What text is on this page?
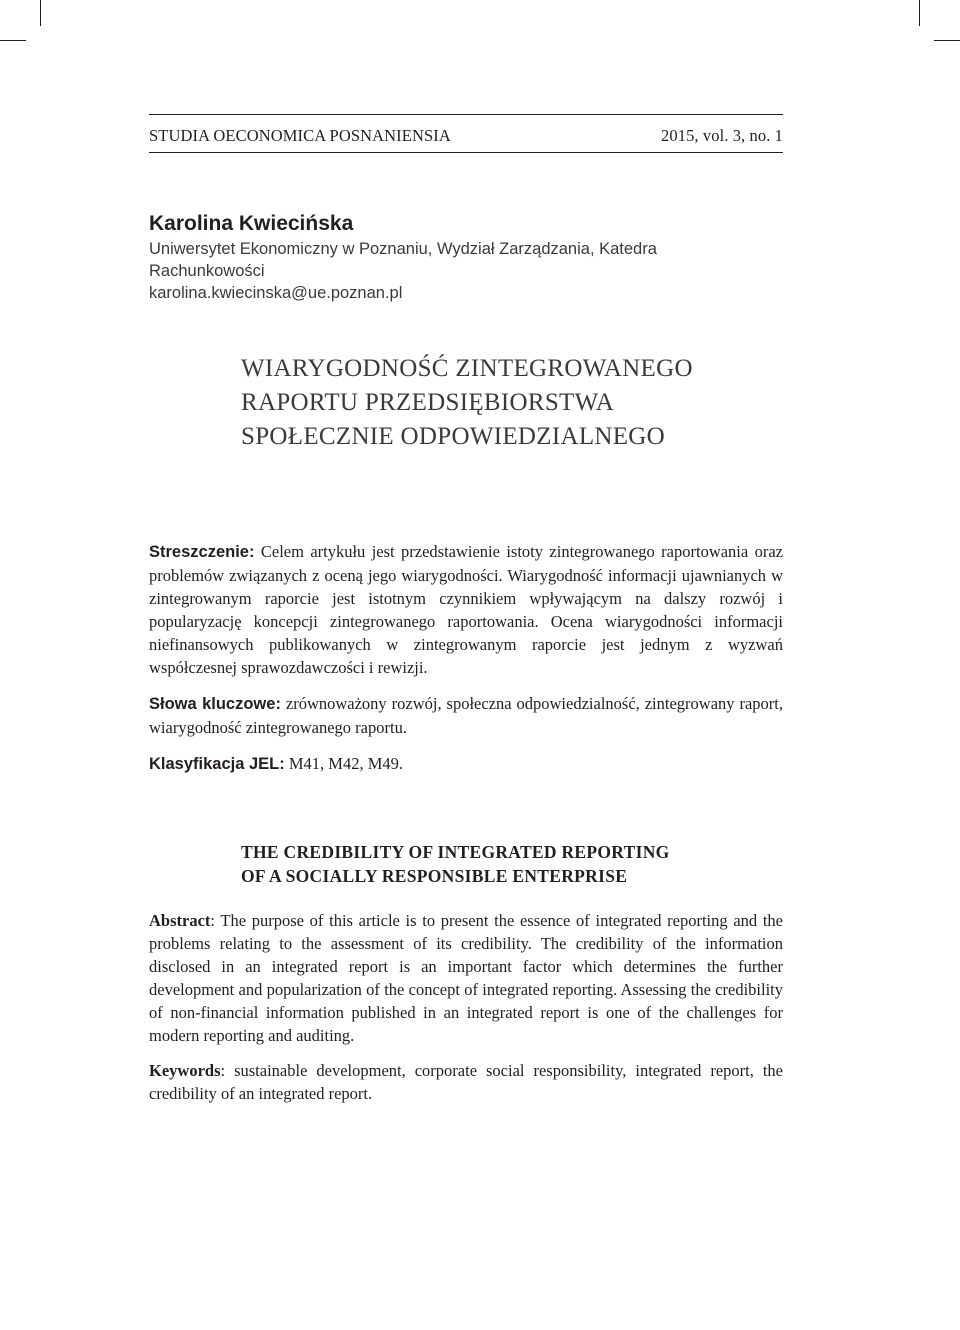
STUDIA OECONOMICA POSNANIENSIA	2015, vol. 3, no. 1
Karolina Kwiecińska
Uniwersytet Ekonomiczny w Poznaniu, Wydział Zarządzania, Katedra Rachunkowości
karolina.kwiecinska@ue.poznan.pl
WIARYGODNOŚĆ ZINTEGROWANEGO
RAPORTU PRZEDSIĘBIORSTWA
SPOŁECZNIE ODPOWIEDZIALNEGO

Streszczenie: Celem artykułu jest przedstawienie istoty zintegrowanego raportowania oraz problemów związanych z oceną jego wiarygodności. Wiarygodność informacji ujawnianych w zintegrowanym raporcie jest istotnym czynnikiem wpływającym na dalszy rozwój i popularyzację koncepcji zintegrowanego raportowania. Ocena wiarygodności informacji niefinansowych publikowanych w zintegrowanym raporcie jest jednym z wyzwań współczesnej sprawozdawczości i rewizji.

Słowa kluczowe: zrównoważony rozwój, społeczna odpowiedzialność, zintegrowany raport, wiarygodność zintegrowanego raportu.

Klasyfikacja JEL: M41, M42, M49.

THE CREDIBILITY OF INTEGRATED REPORTING
OF A SOCIALLY RESPONSIBLE ENTERPRISE

Abstract: The purpose of this article is to present the essence of integrated reporting and the problems relating to the assessment of its credibility. The credibility of the information disclosed in an integrated report is an important factor which determines the further development and popularization of the concept of integrated reporting. Assessing the credibility of non-financial information published in an integrated report is one of the challenges for modern reporting and auditing.

Keywords: sustainable development, corporate social responsibility, integrated report, the credibility of an integrated report.
